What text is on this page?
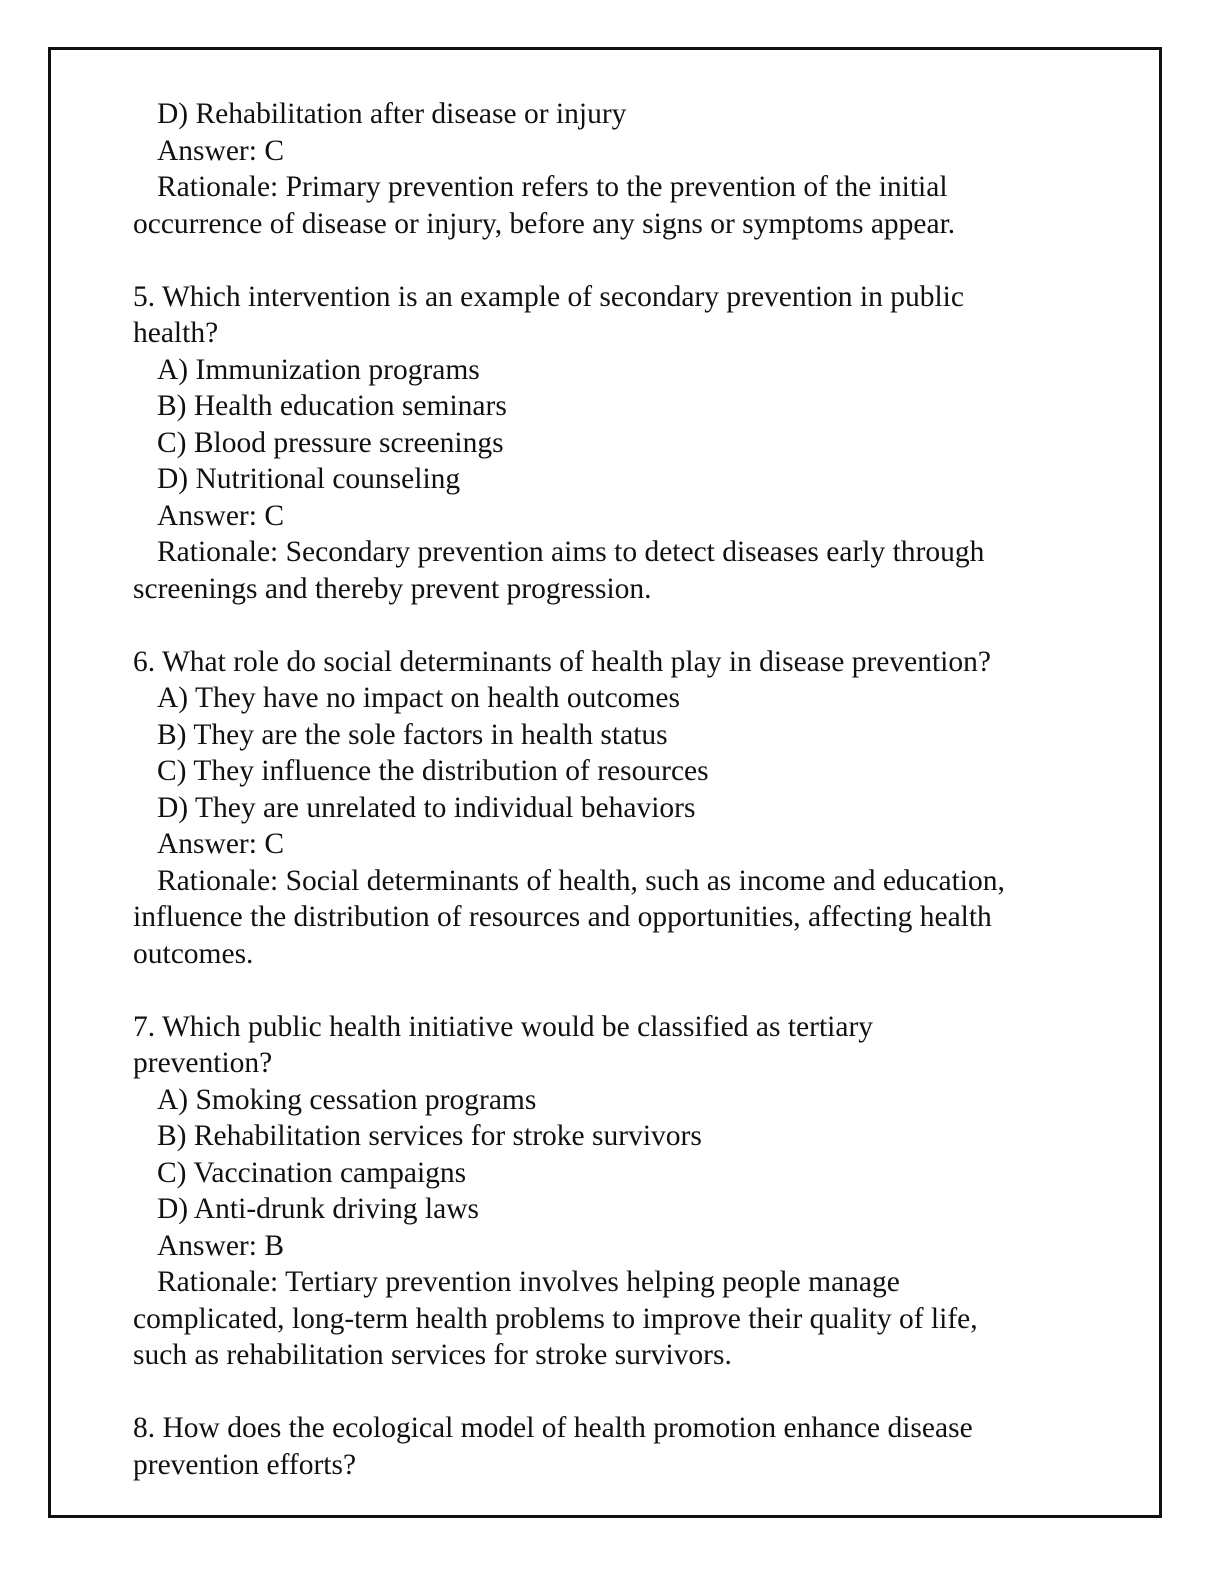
D) Rehabilitation after disease or injury
Answer: C
Rationale: Primary prevention refers to the prevention of the initial
occurrence of disease or injury, before any signs or symptoms appear.
5. Which intervention is an example of secondary prevention in public
health?
A) Immunization programs
B) Health education seminars
C) Blood pressure screenings
D) Nutritional counseling
Answer: C
Rationale: Secondary prevention aims to detect diseases early through
screenings and thereby prevent progression.
6. What role do social determinants of health play in disease prevention?
A) They have no impact on health outcomes
B) They are the sole factors in health status
C) They influence the distribution of resources
D) They are unrelated to individual behaviors
Answer: C
Rationale: Social determinants of health, such as income and education,
influence the distribution of resources and opportunities, affecting health
outcomes.
7. Which public health initiative would be classified as tertiary
prevention?
A) Smoking cessation programs
B) Rehabilitation services for stroke survivors
C) Vaccination campaigns
D) Anti-drunk driving laws
Answer: B
Rationale: Tertiary prevention involves helping people manage
complicated, long-term health problems to improve their quality of life,
such as rehabilitation services for stroke survivors.
8. How does the ecological model of health promotion enhance disease
prevention efforts?
